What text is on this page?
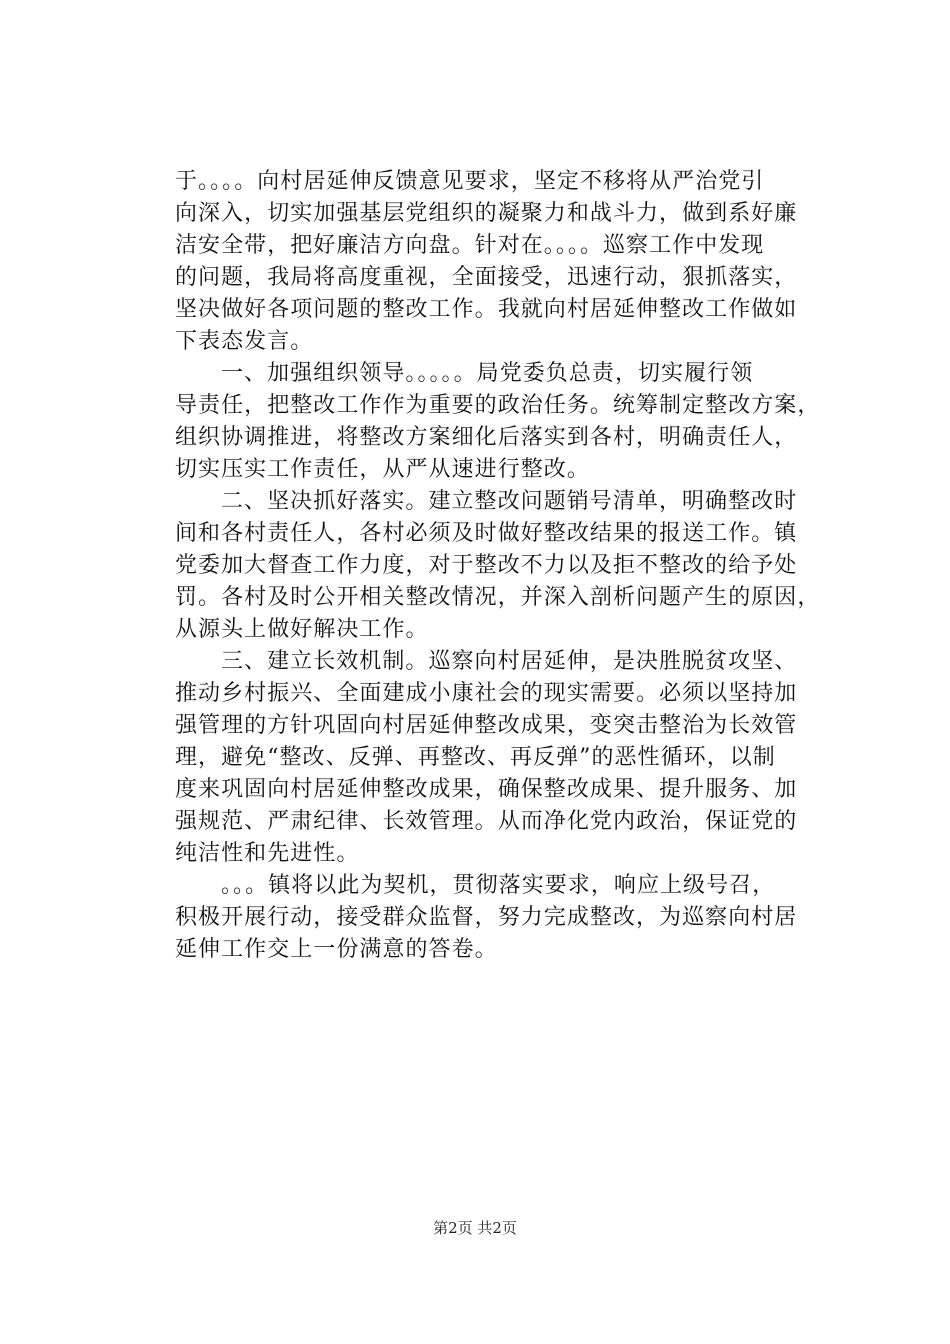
于。。。。向村居延伸反馈意见要求，坚定不移将从严治党引
向深入，切实加强基层党组织的凝聚力和战斗力，做到系好廉
洁安全带，把好廉洁方向盘。针对在。。。。巡察工作中发现
的问题，我局将高度重视，全面接受，迅速行动，狠抓落实，
坚决做好各项问题的整改工作。我就向村居延伸整改工作做如
下表态发言。
一、加强组织领导。。。。。局党委负总责，切实履行领
导责任，把整改工作作为重要的政治任务。统筹制定整改方案，
组织协调推进，将整改方案细化后落实到各村，明确责任人，
切实压实工作责任，从严从速进行整改。
二、坚决抓好落实。建立整改问题销号清单，明确整改时
间和各村责任人，各村必须及时做好整改结果的报送工作。镇
党委加大督查工作力度，对于整改不力以及拒不整改的给予处
罚。各村及时公开相关整改情况，并深入剖析问题产生的原因，
从源头上做好解决工作。
三、建立长效机制。巡察向村居延伸，是决胜脱贫攻坚、
推动乡村振兴、全面建成小康社会的现实需要。必须以坚持加
强管理的方针巩固向村居延伸整改成果，变突击整治为长效管
理，避免“整改、反弹、再整改、再反弹”的恶性循环，以制
度来巩固向村居延伸整改成果，确保整改成果、提升服务、加
强规范、严肃纪律、长效管理。从而净化党内政治，保证党的
纯洁性和先进性。
。。。镇将以此为契机，贯彻落实要求，响应上级号召，
积极开展行动，接受群众监督，努力完成整改，为巡察向村居
延伸工作交上一份满意的答卷。
第2页 共2页
